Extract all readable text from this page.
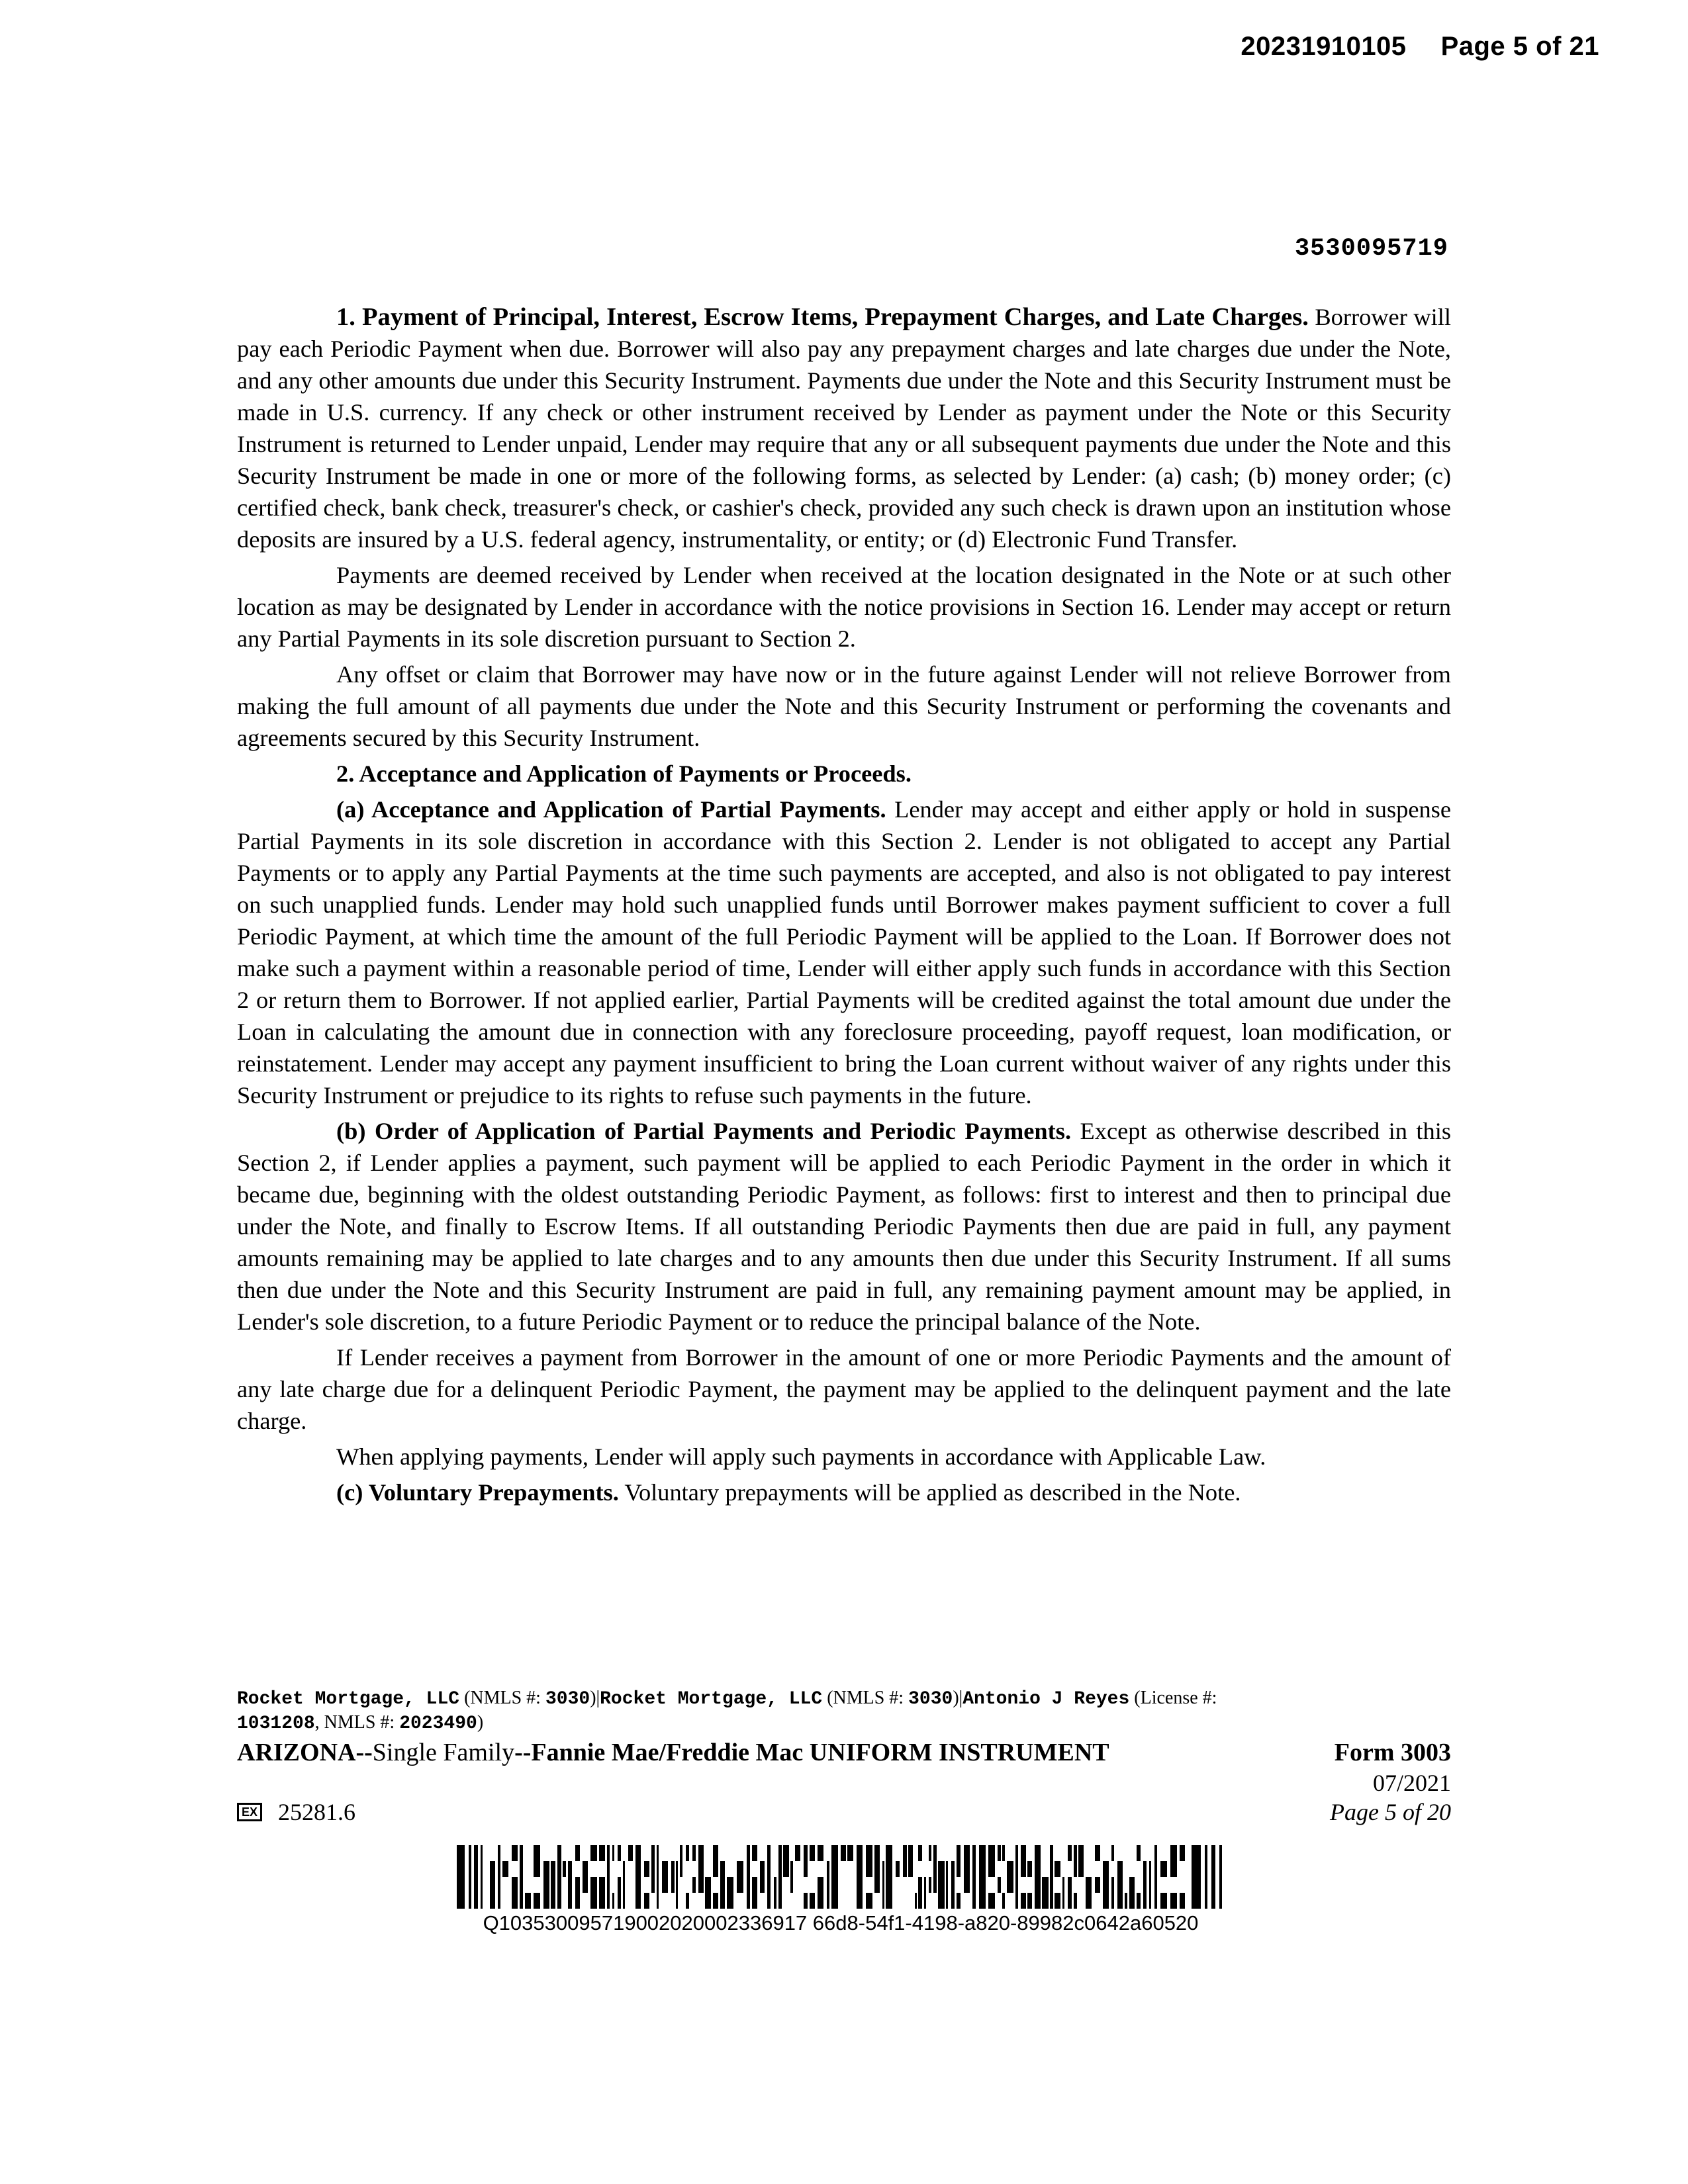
20231910105 Page 5 of 21
3530095719

1. Payment of Principal, Interest, Escrow Items, Prepayment Charges, and Late Charges. Borrower will pay each Periodic Payment when due. Borrower will also pay any prepayment charges and late charges due under the Note, and any other amounts due under this Security Instrument. Payments due under the Note and this Security Instrument must be made in U.S. currency. If any check or other instrument received by Lender as payment under the Note or this Security Instrument is returned to Lender unpaid, Lender may require that any or all subsequent payments due under the Note and this Security Instrument be made in one or more of the following forms, as selected by Lender: (a) cash; (b) money order; (c) certified check, bank check, treasurer's check, or cashier's check, provided any such check is drawn upon an institution whose deposits are insured by a U.S. federal agency, instrumentality, or entity; or (d) Electronic Fund Transfer.

Payments are deemed received by Lender when received at the location designated in the Note or at such other location as may be designated by Lender in accordance with the notice provisions in Section 16. Lender may accept or return any Partial Payments in its sole discretion pursuant to Section 2.

Any offset or claim that Borrower may have now or in the future against Lender will not relieve Borrower from making the full amount of all payments due under the Note and this Security Instrument or performing the covenants and agreements secured by this Security Instrument.

2. Acceptance and Application of Payments or Proceeds.

(a) Acceptance and Application of Partial Payments. Lender may accept and either apply or hold in suspense Partial Payments in its sole discretion in accordance with this Section 2. Lender is not obligated to accept any Partial Payments or to apply any Partial Payments at the time such payments are accepted, and also is not obligated to pay interest on such unapplied funds. Lender may hold such unapplied funds until Borrower makes payment sufficient to cover a full Periodic Payment, at which time the amount of the full Periodic Payment will be applied to the Loan. If Borrower does not make such a payment within a reasonable period of time, Lender will either apply such funds in accordance with this Section 2 or return them to Borrower. If not applied earlier, Partial Payments will be credited against the total amount due under the Loan in calculating the amount due in connection with any foreclosure proceeding, payoff request, loan modification, or reinstatement. Lender may accept any payment insufficient to bring the Loan current without waiver of any rights under this Security Instrument or prejudice to its rights to refuse such payments in the future.

(b) Order of Application of Partial Payments and Periodic Payments. Except as otherwise described in this Section 2, if Lender applies a payment, such payment will be applied to each Periodic Payment in the order in which it became due, beginning with the oldest outstanding Periodic Payment, as follows: first to interest and then to principal due under the Note, and finally to Escrow Items. If all outstanding Periodic Payments then due are paid in full, any payment amounts remaining may be applied to late charges and to any amounts then due under this Security Instrument. If all sums then due under the Note and this Security Instrument are paid in full, any remaining payment amount may be applied, in Lender's sole discretion, to a future Periodic Payment or to reduce the principal balance of the Note.

If Lender receives a payment from Borrower in the amount of one or more Periodic Payments and the amount of any late charge due for a delinquent Periodic Payment, the payment may be applied to the delinquent payment and the late charge.

When applying payments, Lender will apply such payments in accordance with Applicable Law.

(c) Voluntary Prepayments. Voluntary prepayments will be applied as described in the Note.

Rocket Mortgage, LLC (NMLS #: 3030)|Rocket Mortgage, LLC (NMLS #: 3030)|Antonio J Reyes (License #:
1031208, NMLS #: 2023490)
ARIZONA--Single Family--Fannie Mae/Freddie Mac UNIFORM INSTRUMENT	Form 3003
07/2021
EX 25281.6	Page 5 of 20
Q103530095719002020002336917 66d8-54f1-4198-a820-89982c0642a60520
